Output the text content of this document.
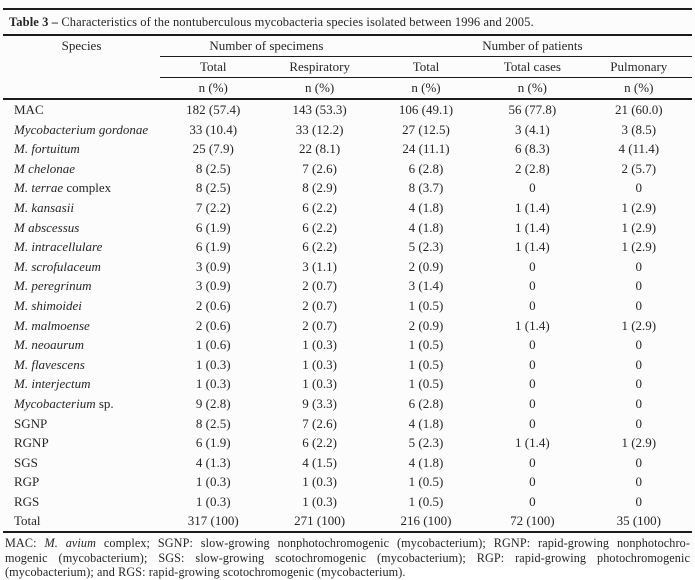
Table 3 – Characteristics of the nontuberculous mycobacteria species isolated between 1996 and 2005.
Species	Number of specimens		Number of patients		
	Total	Respiratory	Total	Total cases	Pulmonary
	n (%)	n (%)	n (%)	n (%)	n (%)
MAC	182 (57.4)	143 (53.3)	106 (49.1)	56 (77.8)	21 (60.0)
Mycobacterium gordonae	33 (10.4)	33 (12.2)	27 (12.5)	3 (4.1)	3 (8.5)
M. fortuitum	25 (7.9)	22 (8.1)	24 (11.1)	6 (8.3)	4 (11.4)
M chelonae	8 (2.5)	7 (2.6)	6 (2.8)	2 (2.8)	2 (5.7)
M. terrae complex	8 (2.5)	8 (2.9)	8 (3.7)	0	0
M. kansasii	7 (2.2)	6 (2.2)	4 (1.8)	1 (1.4)	1 (2.9)
M abscessus	6 (1.9)	6 (2.2)	4 (1.8)	1 (1.4)	1 (2.9)
M. intracellulare	6 (1.9)	6 (2.2)	5 (2.3)	1 (1.4)	1 (2.9)
M. scrofulaceum	3 (0.9)	3 (1.1)	2 (0.9)	0	0
M. peregrinum	3 (0.9)	2 (0.7)	3 (1.4)	0	0
M. shimoidei	2 (0.6)	2 (0.7)	1 (0.5)	0	0
M. malmoense	2 (0.6)	2 (0.7)	2 (0.9)	1 (1.4)	1 (2.9)
M. neoaurum	1 (0.6)	1 (0.3)	1 (0.5)	0	0
M. flavescens	1 (0.3)	1 (0.3)	1 (0.5)	0	0
M. interjectum	1 (0.3)	1 (0.3)	1 (0.5)	0	0
Mycobacterium sp.	9 (2.8)	9 (3.3)	6 (2.8)	0	0
SGNP	8 (2.5)	7 (2.6)	4 (1.8)	0	0
RGNP	6 (1.9)	6 (2.2)	5 (2.3)	1 (1.4)	1 (2.9)
SGS	4 (1.3)	4 (1.5)	4 (1.8)	0	0
RGP	1 (0.3)	1 (0.3)	1 (0.5)	0	0
RGS	1 (0.3)	1 (0.3)	1 (0.5)	0	0
Total	317 (100)	271 (100)	216 (100)	72 (100)	35 (100)
MAC: M. avium complex; SGNP: slow-growing nonphotochromogenic (mycobacterium); RGNP: rapid-growing nonphotochro-
mogenic (mycobacterium); SGS: slow-growing scotochromogenic (mycobacterium); RGP: rapid-growing photochromogenic
(mycobacterium); and RGS: rapid-growing scotochromogenic (mycobacterium).
